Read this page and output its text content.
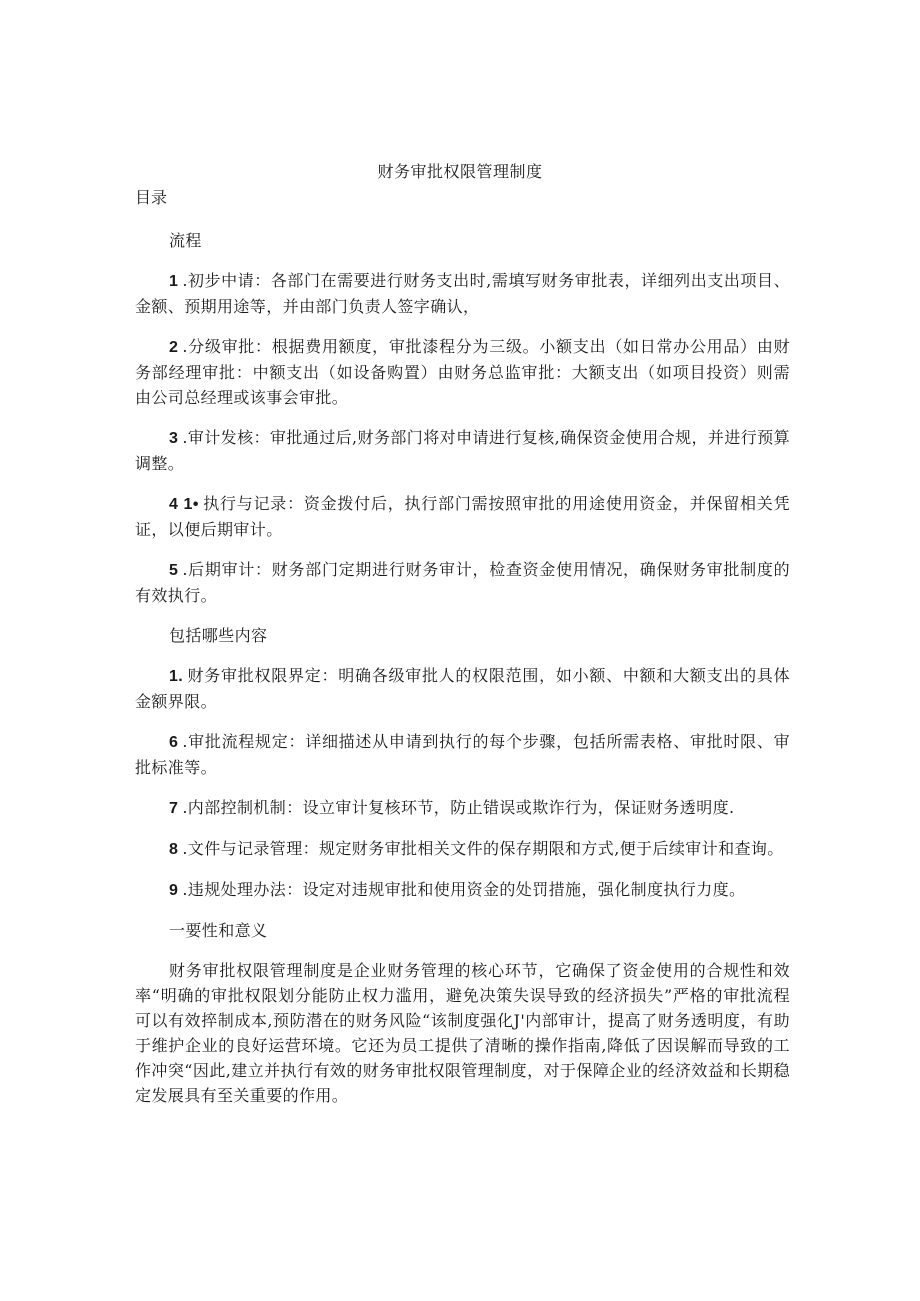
财务审批权限管理制度
目录

流程

1 .初步中请：各部门在需要进行财务支出时,需填写财务审批表，详细列出支出项目、金额、预期用途等，并由部门负责人签字确认，

2 .分级审批：根据费用额度，审批漆程分为三级。小额支出（如日常办公用品）由财务部经理审批：中额支出（如设备购置）由财务总监审批：大额支出（如项目投资）则需由公司总经理或该事会审批。

3 .审计发核：审批通过后,财务部门将对申请进行复核,确保资金使用合规，并进行预算调整。

4 1• 执行与记录：资金拨付后，执行部门需按照审批的用途使用资金，并保留相关凭证，以便后期审计。

5 .后期审计：财务部门定期进行财务审计，检查资金使用情况，确保财务审批制度的有效执行。

包括哪些内容

1. 财务审批权限界定：明确各级审批人的权限范围，如小额、中额和大额支出的具体金额界限。

6 .审批流程规定：详细描述从申请到执行的每个步骤，包括所需表格、审批时限、审批标准等。

7 .内部控制机制：设立审计复核环节，防止错误或欺诈行为，保证财务透明度.

8 .文件与记录管理：规定财务审批相关文件的保存期限和方式,便于后续审计和查询。

9 .违规处理办法：设定对违规审批和使用资金的处罚措施，强化制度执行力度。

一要性和意义

财务审批权限管理制度是企业财务管理的核心环节，它确保了资金使用的合规性和效率“明确的审批权限划分能防止权力滥用，避免决策失误导致的经济损失”严格的审批流程可以有效捽制成本,预防潜在的财务风险“该制度强化J'内部审计，提高了财务透明度，有助于维护企业的良好运营环境。它还为员工提供了清晰的操作指南,降低了因误解而导致的工作冲突“因此,建立并执行有效的财务审批权限管理制度，对于保障企业的经济效益和长期稳定发展具有至关重要的作用。
